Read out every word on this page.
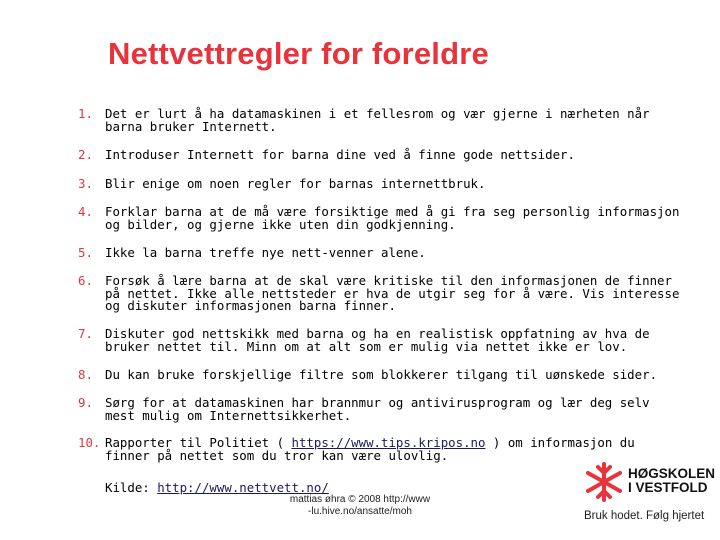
Nettvettregler for foreldre
1. Det er lurt å ha datamaskinen i et fellesrom og vær gjerne i nærheten når barna bruker Internett.
2. Introduser Internett for barna dine ved å finne gode nettsider.
3. Blir enige om noen regler for barnas internettbruk.
4. Forklar barna at de må være forsiktige med å gi fra seg personlig informasjon og bilder, og gjerne ikke uten din godkjenning.
5. Ikke la barna treffe nye nett-venner alene.
6. Forsøk å lære barna at de skal være kritiske til den informasjonen de finner på nettet. Ikke alle nettsteder er hva de utgir seg for å være. Vis interesse og diskuter informasjonen barna finner.
7. Diskuter god nettskikk med barna og ha en realistisk oppfatning av hva de bruker nettet til. Minn om at alt som er mulig via nettet ikke er lov.
8. Du kan bruke forskjellige filtre som blokkerer tilgang til uønskede sider.
9. Sørg for at datamaskinen har brannmur og antivirusprogram og lær deg selv mest mulig om Internettsikkerhet.
10. Rapporter til Politiet ( https://www.tips.kripos.no ) om informasjon du finner på nettet som du tror kan være ulovlig.
Kilde: http://www.nettvett.no/
mattias øhra © 2008 http://www
-lu.hive.no/ansatte/moh
HØGSKOLEN
I VESTFOLD
Bruk hodet. Følg hjertet
